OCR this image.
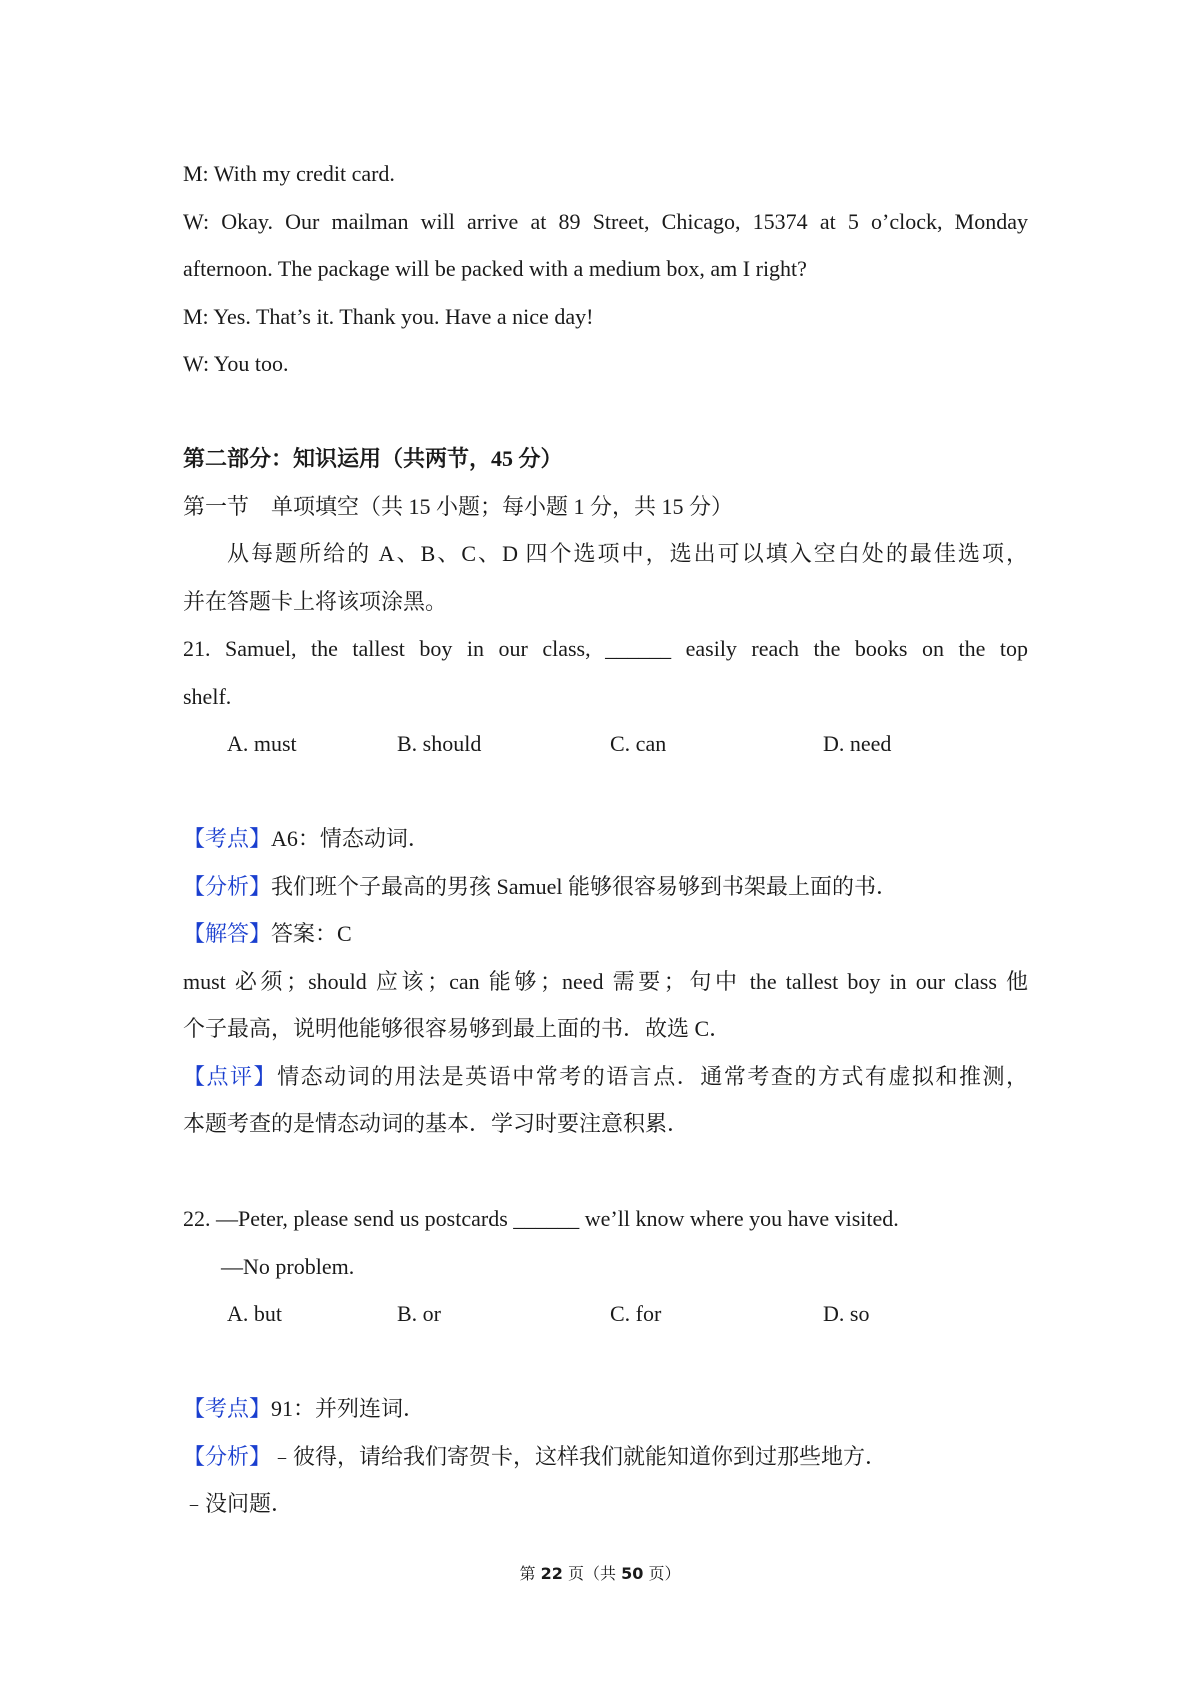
M: With my credit card.
W: Okay. Our mailman will arrive at 89 Street, Chicago, 15374 at 5 o’clock, Monday
afternoon. The package will be packed with a medium box, am I right?
M: Yes. That’s it. Thank you. Have a nice day!
W: You too.
第二部分：知识运用（共两节，45 分）
第一节　单项填空（共 15 小题；每小题 1 分，共 15 分）
从每题所给的 A、B、C、D 四个选项中，选出可以填入空白处的最佳选项，
并在答题卡上将该项涂黑。
21. Samuel, the tallest boy in our class, ______ easily reach the books on the top
shelf.
A. must	B. should	C. can	D. need
【考点】A6：情态动词．
【分析】我们班个子最高的男孩 Samuel 能够很容易够到书架最上面的书．
【解答】答案：C
must 必须；should 应该；can 能够；need 需要；句中 the tallest boy in our class 他
个子最高，说明他能够很容易够到最上面的书．故选 C．
【点评】情态动词的用法是英语中常考的语言点．通常考查的方式有虚拟和推测，
本题考查的是情态动词的基本．学习时要注意积累．
22. —Peter, please send us postcards ______ we’ll know where you have visited.
—No problem.
A. but	B. or	C. for	D. so
【考点】91：并列连词．
【分析】﹣彼得，请给我们寄贺卡，这样我们就能知道你到过那些地方．
﹣没问题．
第 22 页（共 50 页）
